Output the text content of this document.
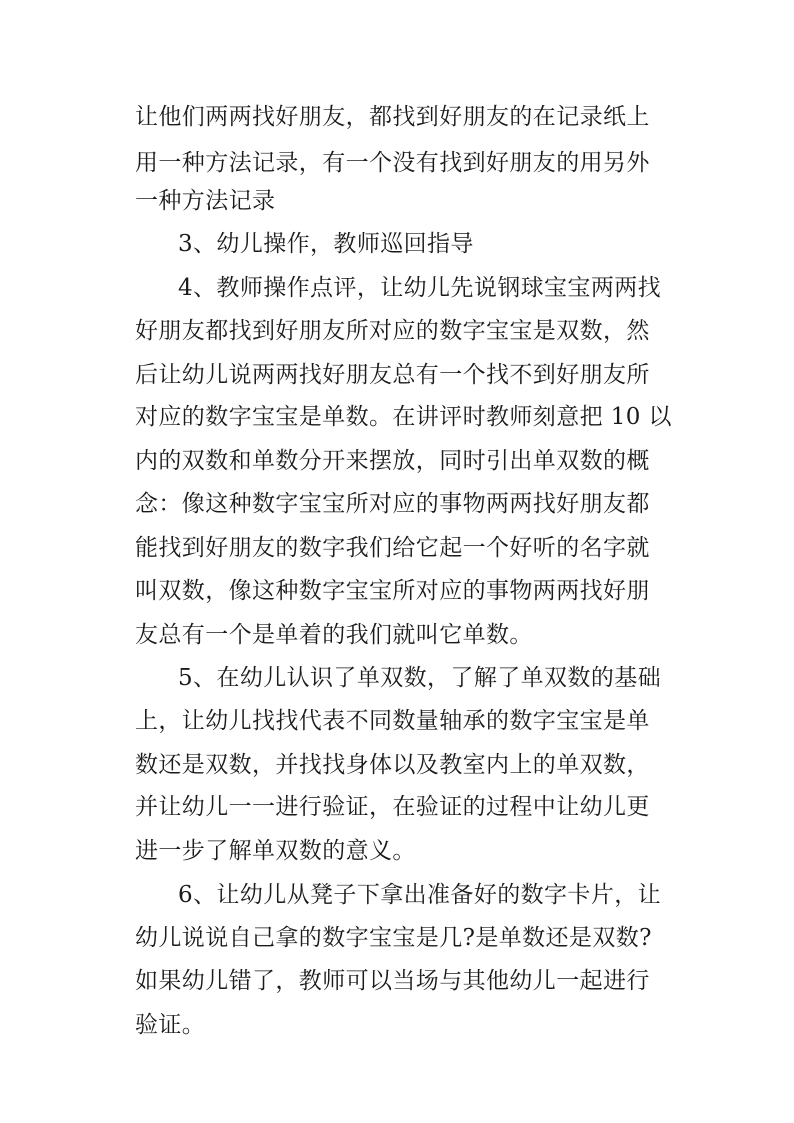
让他们两两找好朋友，都找到好朋友的在记录纸上

用一种方法记录，有一个没有找到好朋友的用另外

一种方法记录

3、幼儿操作，教师巡回指导

4、教师操作点评，让幼儿先说钢球宝宝两两找

好朋友都找到好朋友所对应的数字宝宝是双数，然

后让幼儿说两两找好朋友总有一个找不到好朋友所

对应的数字宝宝是单数。在讲评时教师刻意把 10 以

内的双数和单数分开来摆放，同时引出单双数的概

念：像这种数字宝宝所对应的事物两两找好朋友都

能找到好朋友的数字我们给它起一个好听的名字就

叫双数，像这种数字宝宝所对应的事物两两找好朋

友总有一个是单着的我们就叫它单数。

5、在幼儿认识了单双数，了解了单双数的基础

上，让幼儿找找代表不同数量轴承的数字宝宝是单

数还是双数，并找找身体以及教室内上的单双数，

并让幼儿一一进行验证，在验证的过程中让幼儿更

进一步了解单双数的意义。

6、让幼儿从凳子下拿出准备好的数字卡片，让

幼儿说说自己拿的数字宝宝是几?是单数还是双数?

如果幼儿错了，教师可以当场与其他幼儿一起进行

验证。
